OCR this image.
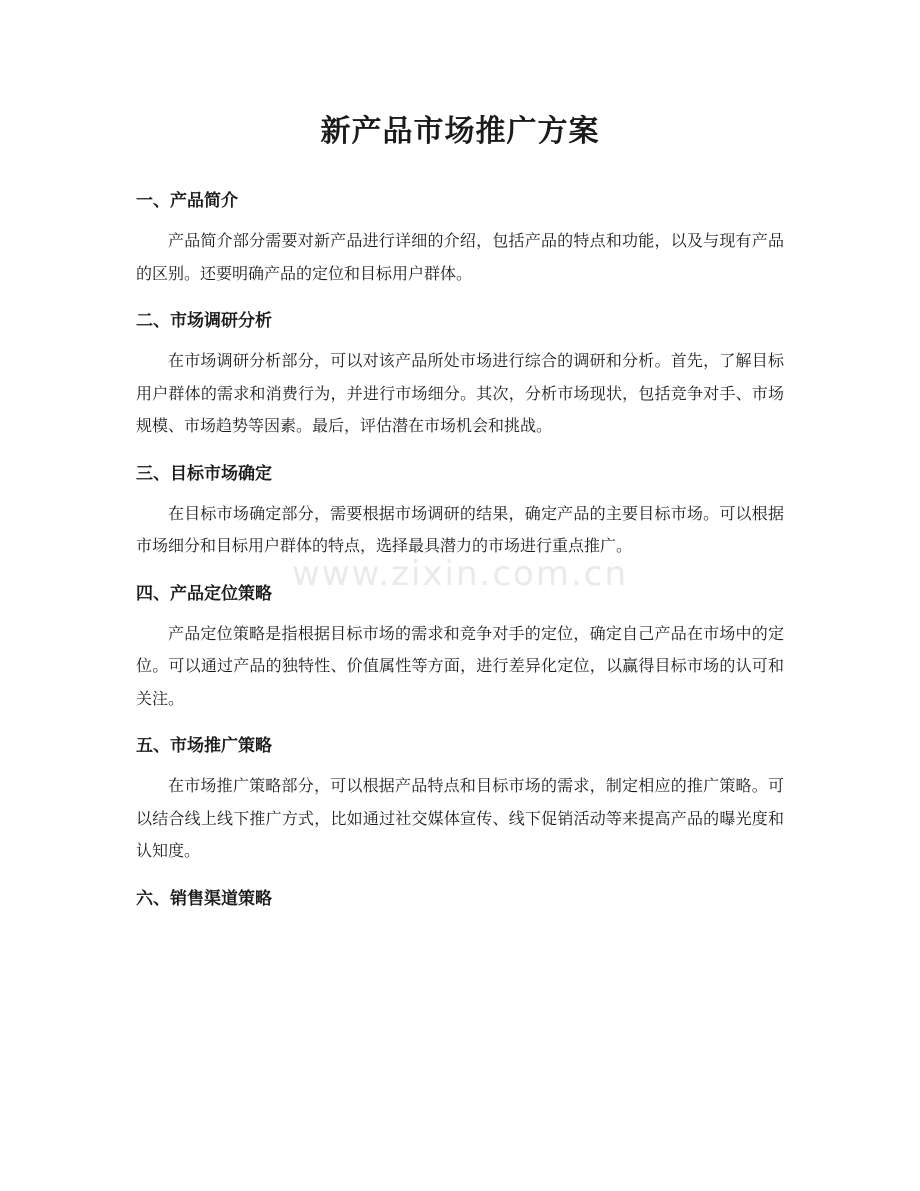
www.zixin.com.cn
新产品市场推广方案
一、产品简介

产品简介部分需要对新产品进行详细的介绍，包括产品的特点和功能，以及与现有产品的区别。还要明确产品的定位和目标用户群体。

二、市场调研分析

在市场调研分析部分，可以对该产品所处市场进行综合的调研和分析。首先，了解目标用户群体的需求和消费行为，并进行市场细分。其次，分析市场现状，包括竞争对手、市场规模、市场趋势等因素。最后，评估潜在市场机会和挑战。

三、目标市场确定

在目标市场确定部分，需要根据市场调研的结果，确定产品的主要目标市场。可以根据市场细分和目标用户群体的特点，选择最具潜力的市场进行重点推广。

四、产品定位策略

产品定位策略是指根据目标市场的需求和竞争对手的定位，确定自己产品在市场中的定位。可以通过产品的独特性、价值属性等方面，进行差异化定位，以赢得目标市场的认可和关注。

五、市场推广策略

在市场推广策略部分，可以根据产品特点和目标市场的需求，制定相应的推广策略。可以结合线上线下推广方式，比如通过社交媒体宣传、线下促销活动等来提高产品的曝光度和认知度。

六、销售渠道策略
